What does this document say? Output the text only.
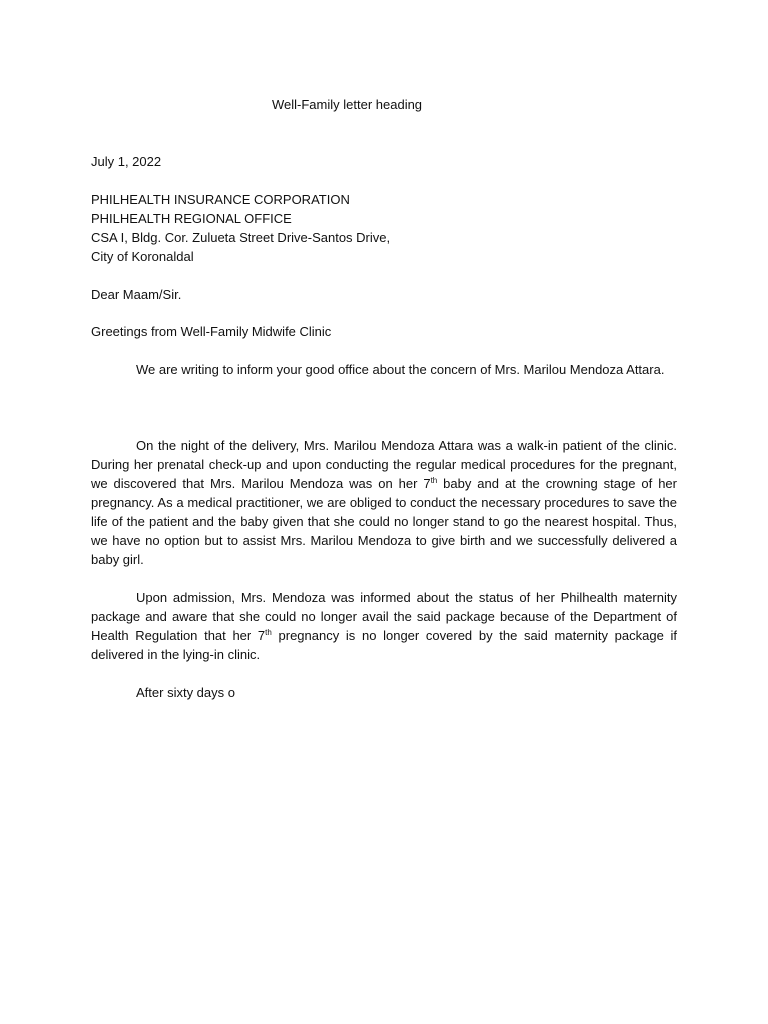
Well-Family letter heading
July 1, 2022
PHILHEALTH INSURANCE CORPORATION
PHILHEALTH REGIONAL OFFICE
CSA I, Bldg. Cor. Zulueta Street Drive-Santos Drive,
City of Koronaldal
Dear Maam/Sir.
Greetings from Well-Family Midwife Clinic
We are writing to inform your good office about the concern of Mrs. Marilou Mendoza Attara.
On the night of the delivery, Mrs. Marilou Mendoza Attara was a walk-in patient of the clinic. During her prenatal check-up and upon conducting the regular medical procedures for the pregnant, we discovered that Mrs. Marilou Mendoza was on her 7th baby and at the crowning stage of her pregnancy. As a medical practitioner, we are obliged to conduct the necessary procedures to save the life of the patient and the baby given that she could no longer stand to go the nearest hospital. Thus, we have no option but to assist Mrs. Marilou Mendoza to give birth and we successfully delivered a baby girl.
Upon admission, Mrs. Mendoza was informed about the status of her Philhealth maternity package and aware that she could no longer avail the said package because of the Department of Health Regulation that her 7th pregnancy is no longer covered by the said maternity package if delivered in the lying-in clinic.
After sixty days o
